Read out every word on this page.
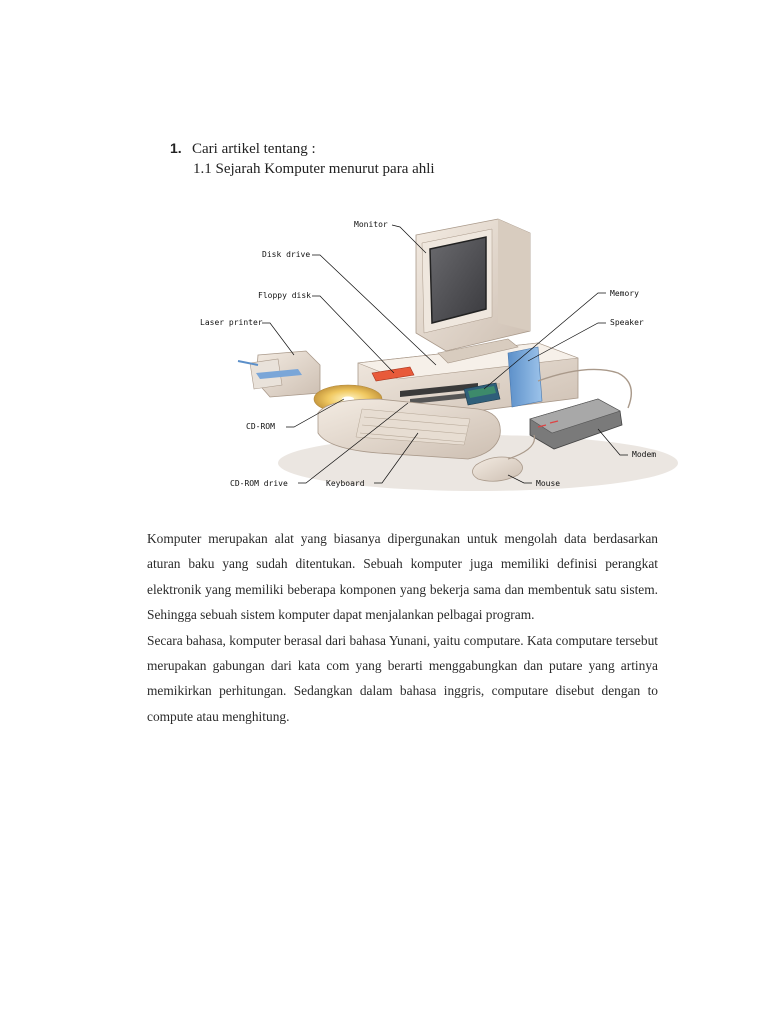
1. Cari artikel tentang :
1.1 Sejarah Komputer menurut para ahli
Monitor
Disk drive
Floppy disk
Laser printer
Memory
Speaker
CD-ROM
Modem
CD-ROM drive	Keyboard	Mouse

Komputer merupakan alat yang biasanya dipergunakan untuk mengolah data berdasarkan aturan baku yang sudah ditentukan. Sebuah komputer juga memiliki definisi perangkat elektronik yang memiliki beberapa komponen yang bekerja sama dan membentuk satu sistem. Sehingga sebuah sistem komputer dapat menjalankan pelbagai program.

Secara bahasa, komputer berasal dari bahasa Yunani, yaitu computare. Kata computare tersebut merupakan gabungan dari kata com yang berarti menggabungkan dan putare yang artinya memikirkan perhitungan. Sedangkan dalam bahasa inggris, computare disebut dengan to compute atau menghitung.
